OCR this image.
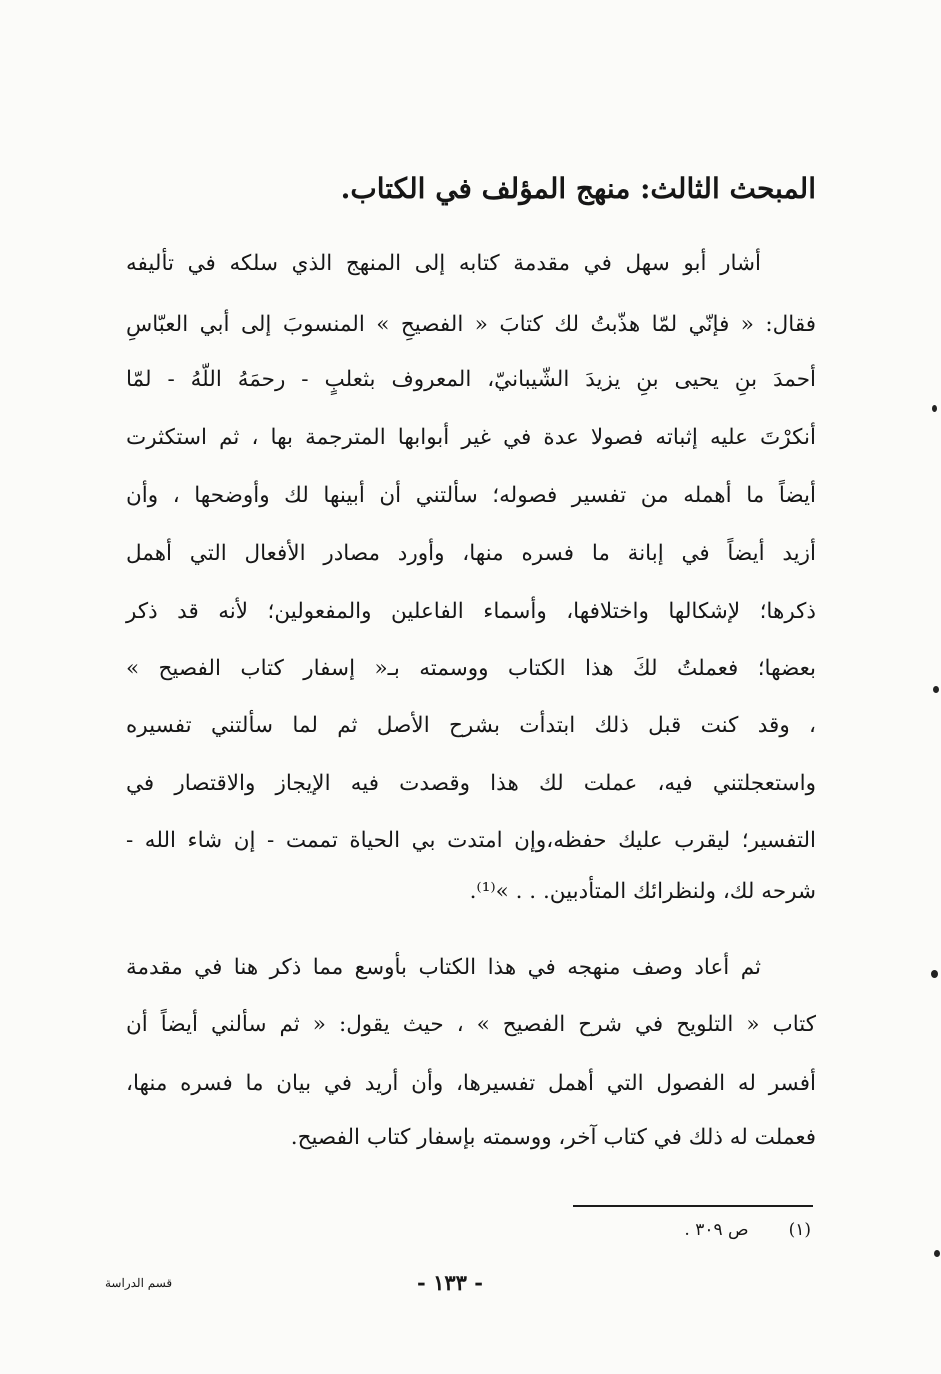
المبحث الثالث: منهج المؤلف في الكتاب.
أشار أبو سهل في مقدمة كتابه إلى المنهج الذي سلكه في تأليفه
فقال: « فإنّي لمّا هذّبتُ لك كتابَ « الفصيحِ » المنسوبَ إلى أبي العبّاسِ
أحمدَ بنِ يحيى بنِ يزيدَ الشّيبانيّ، المعروف بثعلبٍ - رحمَهُ اللّهُ - لمّا
أنكرْتَ عليه إثباته فصولا عدة في غير أبوابها المترجمة بها ، ثم استكثرت
أيضاً ما أهمله من تفسير فصوله؛ سألتني أن أبينها لك وأوضحها ، وأن
أزيد أيضاً في إبانة ما فسره منها، وأورد مصادر الأفعال التي أهمل
ذكرها؛ لإشكالها واختلافها، وأسماء الفاعلين والمفعولين؛ لأنه قد ذكر
بعضها؛ فعملتُ لكَ هذا الكتاب ووسمته بـ« إسفار كتاب الفصيح »
، وقد كنت قبل ذلك ابتدأت بشرح الأصل ثم لما سألتني تفسيره
واستعجلتني فيه، عملت لك هذا وقصدت فيه الإيجاز والاقتصار في
التفسير؛ ليقرب عليك حفظه،وإن امتدت بي الحياة تممت - إن شاء الله -
شرحه لك، ولنظرائك المتأدبين. . . »⁽¹⁾.
ثم أعاد وصف منهجه في هذا الكتاب بأوسع مما ذكر هنا في مقدمة
كتاب « التلويح في شرح الفصيح » ، حيث يقول: « ثم سألني أيضاً أن
أفسر له الفصول التي أهمل تفسيرها، وأن أريد في بيان ما فسره منها،
فعملت له ذلك في كتاب آخر، ووسمته بإسفار كتاب الفصيح.
(١)ص ٣٠٩ .
- ١٣٣ -
قسم الدراسة
